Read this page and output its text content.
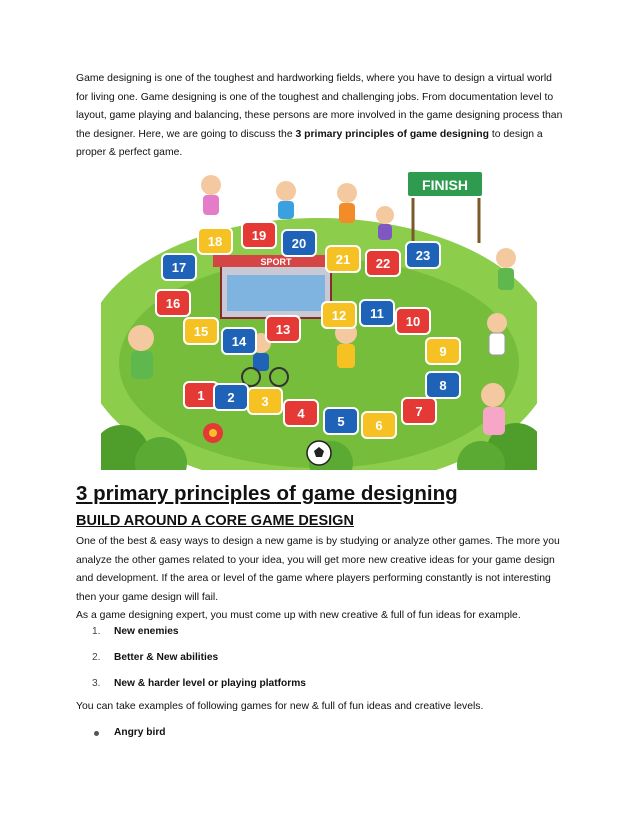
Game designing is one of the toughest and hardworking fields, where you have to design a virtual world for living one. Game designing is one of the toughest and challenging jobs. From documentation level to layout, game playing and balancing, these persons are more involved in the game designing process than the designer. Here, we are going to discuss the 3 primary principles of game designing to design a proper & perfect game.

SPORT
FINISH
1 2 3
4
5 6
7
8
9
10
11
12
13
14
15
16
17
18 19
20
21 22
23
3 primary principles of game designing
BUILD AROUND A CORE GAME DESIGN

One of the best & easy ways to design a new game is by studying or analyze other games. The more you analyze the other games related to your idea, you will get more new creative ideas for your game design and development. If the area or level of the game where players performing constantly is not interesting then your game design will fail.
As a game designing expert, you must come up with new creative & full of fun ideas for example.

1. New enemies
2. Better & New abilities
3. New & harder level or playing platforms

You can take examples of following games for new & full of fun ideas and creative levels.

Angry bird
